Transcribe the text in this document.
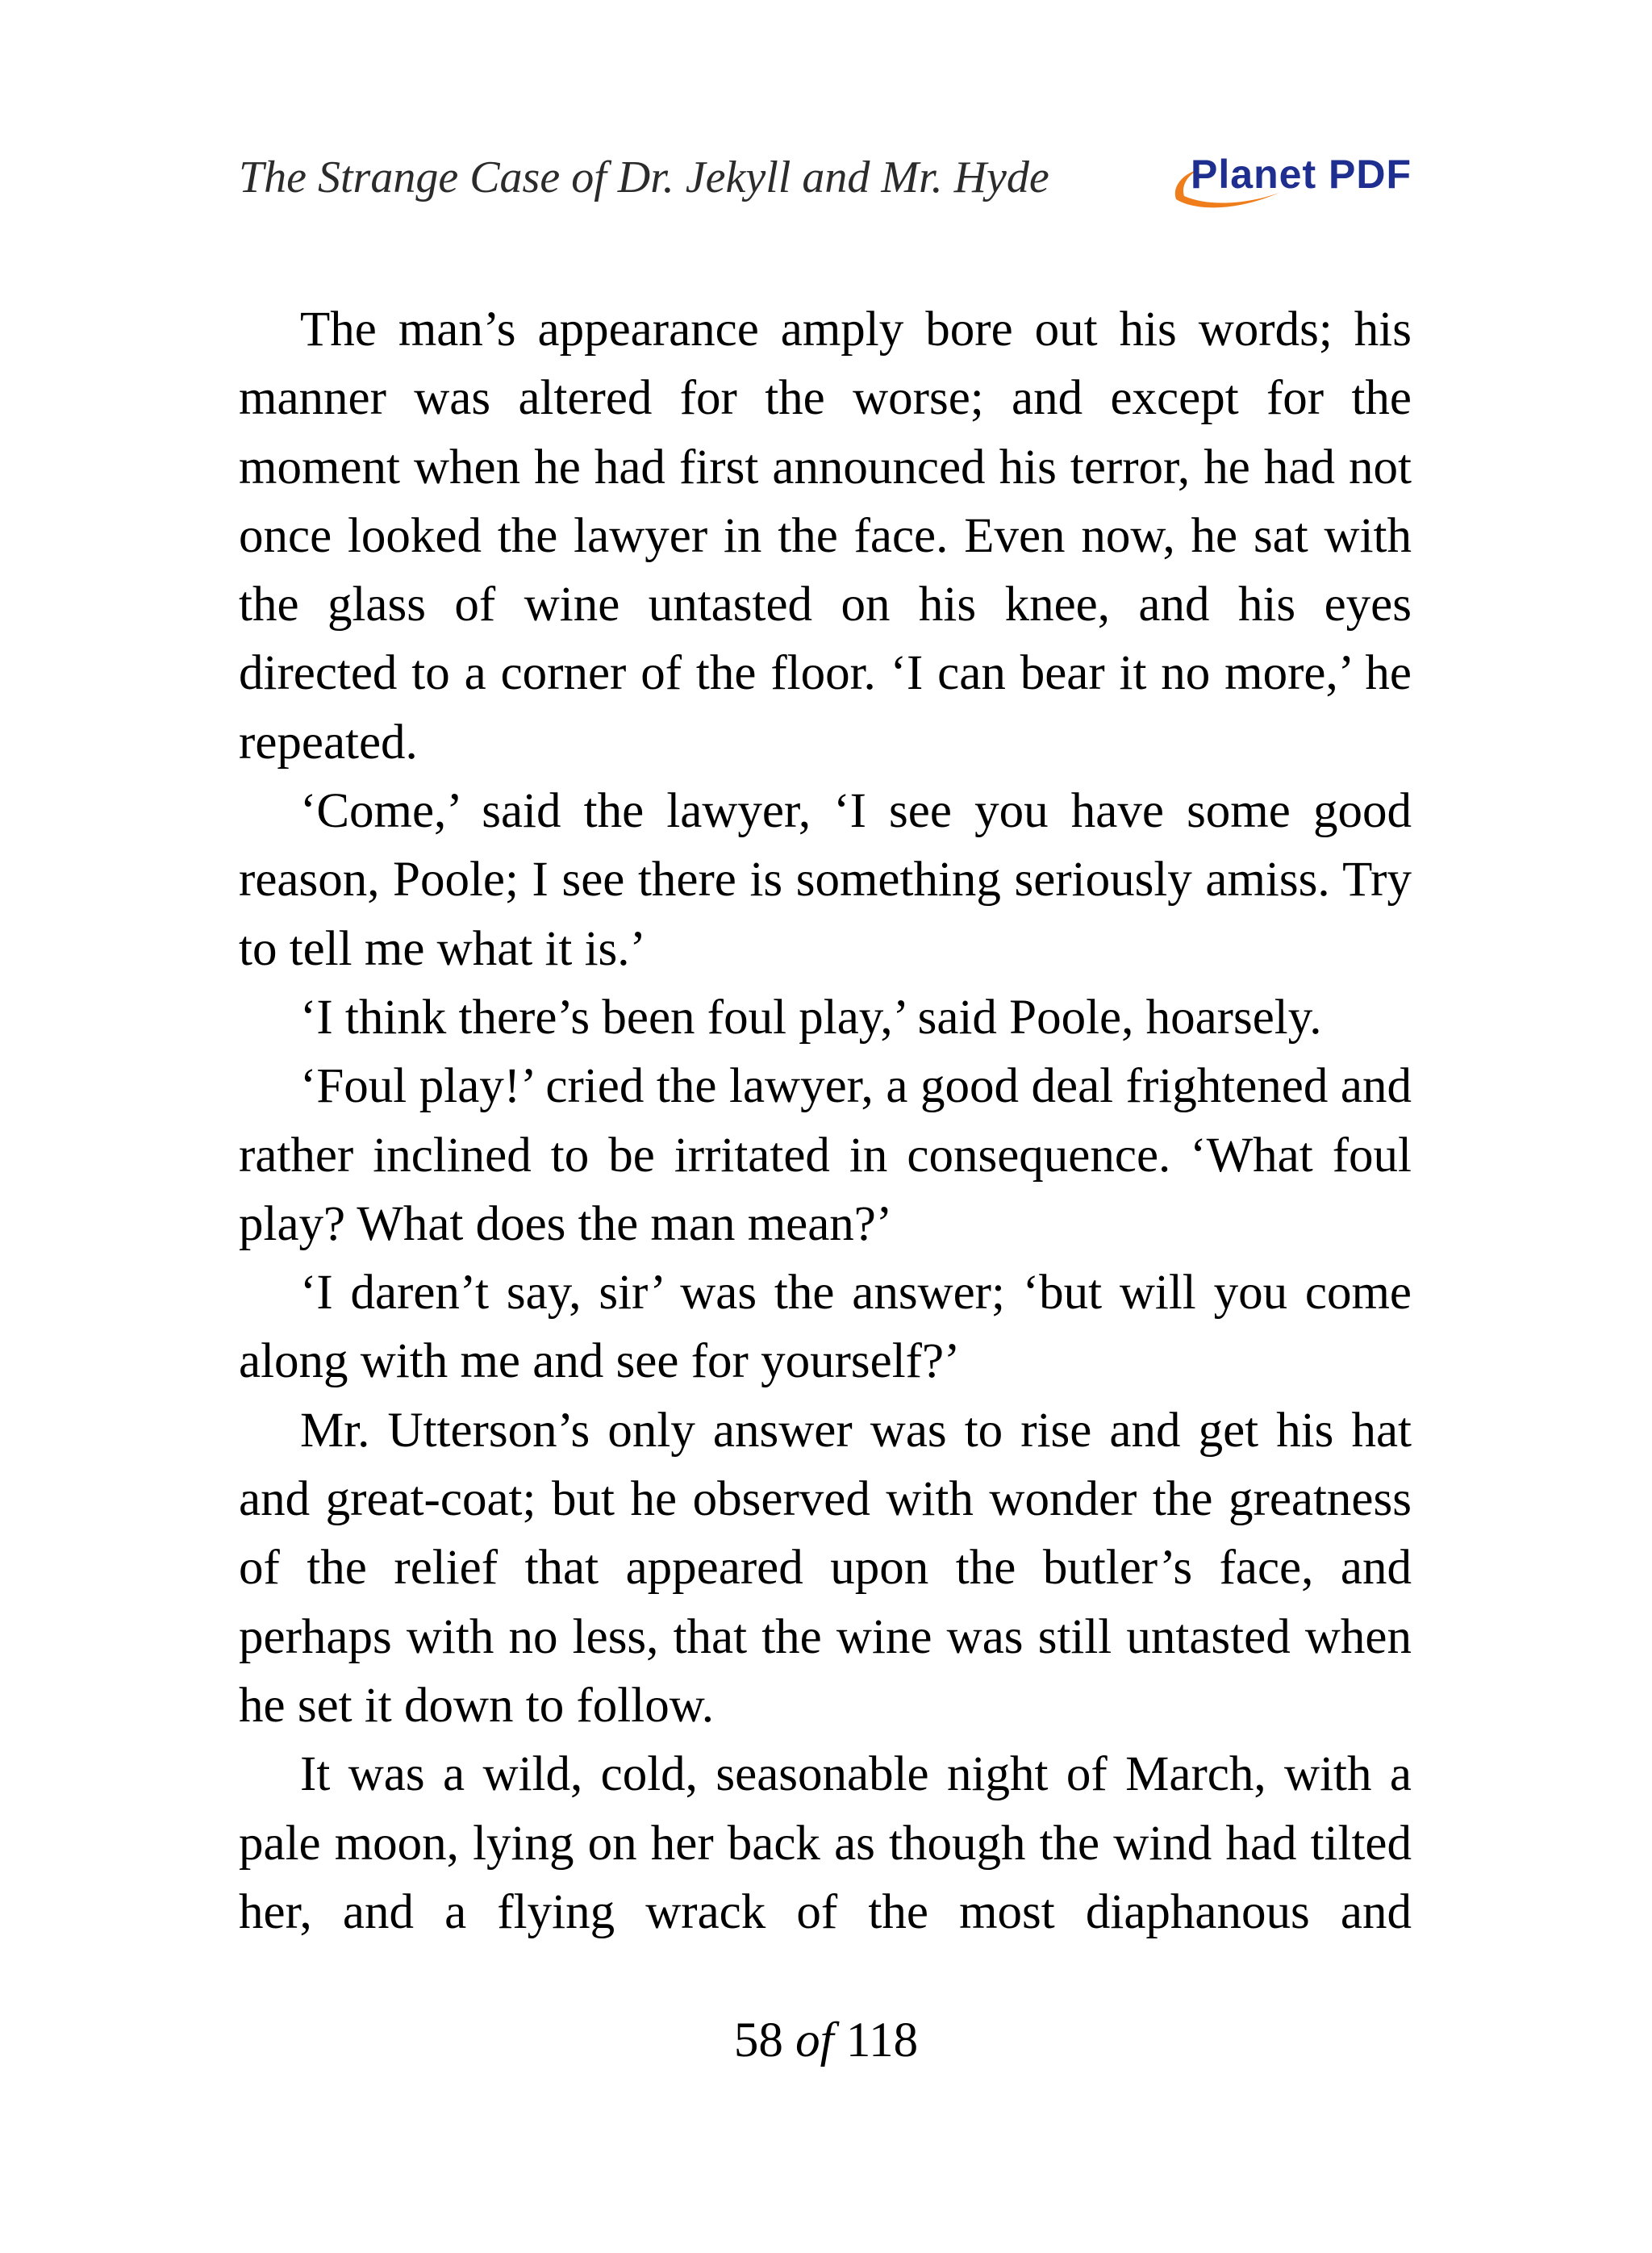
The Strange Case of Dr. Jekyll and Mr. Hyde	Planet PDF

The man’s appearance amply bore out his words; his manner was altered for the worse; and except for the moment when he had first announced his terror, he had not once looked the lawyer in the face. Even now, he sat with the glass of wine untasted on his knee, and his eyes directed to a corner of the floor. ‘I can bear it no more,’ he repeated.

‘Come,’ said the lawyer, ‘I see you have some good reason, Poole; I see there is something seriously amiss. Try to tell me what it is.’

‘I think there’s been foul play,’ said Poole, hoarsely.

‘Foul play!’ cried the lawyer, a good deal frightened and rather inclined to be irritated in consequence. ‘What foul play? What does the man mean?’

‘I daren’t say, sir’ was the answer; ‘but will you come along with me and see for yourself?’

Mr. Utterson’s only answer was to rise and get his hat and great-coat; but he observed with wonder the greatness of the relief that appeared upon the butler’s face, and perhaps with no less, that the wine was still untasted when he set it down to follow.

It was a wild, cold, seasonable night of March, with a pale moon, lying on her back as though the wind had tilted her, and a flying wrack of the most diaphanous and

58 of 118
